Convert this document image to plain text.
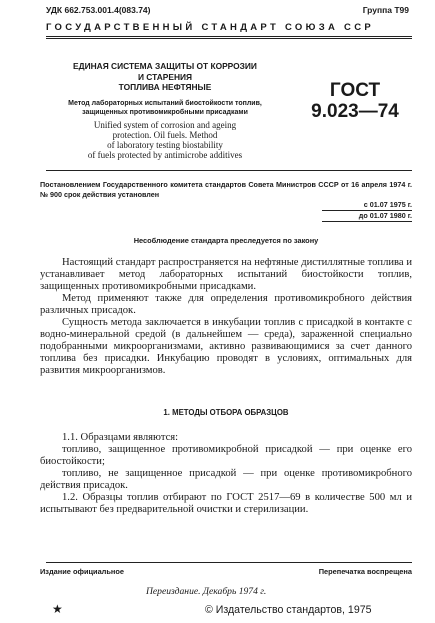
УДК 662.753.001.4(083.74)	Группа Т99
ГОСУДАРСТВЕННЫЙ СТАНДАРТ СОЮЗА ССР
ЕДИНАЯ СИСТЕМА ЗАЩИТЫ ОТ КОРРОЗИИ
И СТАРЕНИЯ
ТОПЛИВА НЕФТЯНЫЕ
Метод лабораторных испытаний биостойкости топлив,
защищенных противомикробными присадками
Unified system of corrosion and ageing
protection. Oil fuels. Method
of laboratory testing biostability
of fuels protected by antimicrobe additives
ГОСТ
9.023—74
Постановлением Государственного комитета стандартов Совета Министров СССР от 16 апреля 1974 г. № 900 срок действия установлен
с 01.07 1975 г.
до 01.07 1980 г.
Несоблюдение стандарта преследуется по закону

Настоящий стандарт распространяется на нефтяные дистиллятные топлива и устанавливает метод лабораторных испытаний биостойкости топлив, защищенных противомикробными присадками.

Метод применяют также для определения противомикробного действия различных присадок.

Сущность метода заключается в инкубации топлив с присадкой в контакте с водно-минеральной средой (в дальнейшем — среда), зараженной специально подобранными микроорганизмами, активно развивающимися за счет данного топлива без присадки. Инкубацию проводят в условиях, оптимальных для развития микроорганизмов.

1. МЕТОДЫ ОТБОРА ОБРАЗЦОВ

1.1. Образцами являются:

топливо, защищенное противомикробной присадкой — при оценке его биостойкости;

топливо, не защищенное присадкой — при оценке противомикробного действия присадок.

1.2. Образцы топлив отбирают по ГОСТ 2517—69 в количестве 500 мл и испытывают без предварительной очистки и стерилизации.

Издание официальное	Перепечатка воспрещена
Переиздание. Декабрь 1974 г.
★	© Издательство стандартов, 1975
